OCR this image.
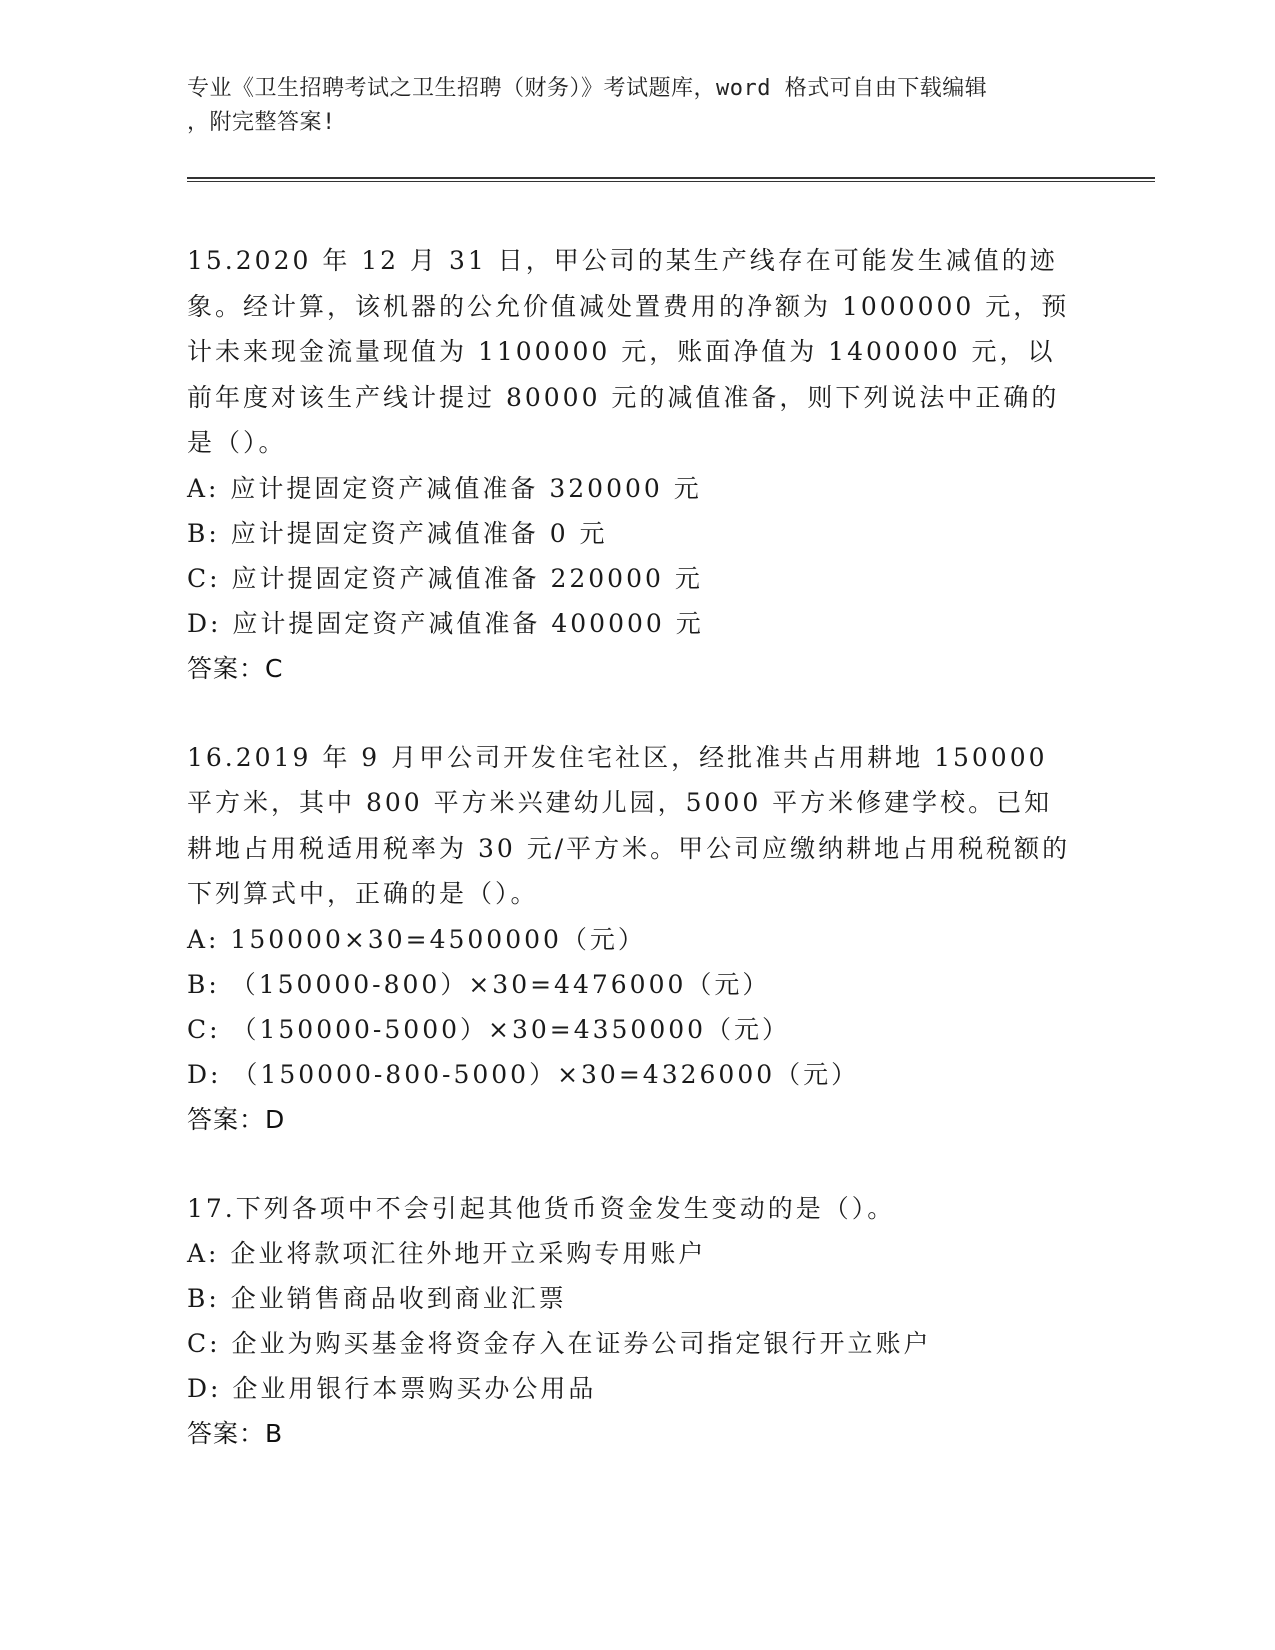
专业《卫生招聘考试之卫生招聘（财务）》考试题库，word 格式可自由下载编辑
，附完整答案!

15.2020 年 12 月 31 日，甲公司的某生产线存在可能发生减值的迹象。经计算，该机器的公允价值减处置费用的净额为 1000000 元，预计未来现金流量现值为 1100000 元，账面净值为 1400000 元，以前年度对该生产线计提过 80000 元的减值准备，则下列说法中正确的是（）。

A: 应计提固定资产减值准备 320000 元

B: 应计提固定资产减值准备 0 元

C: 应计提固定资产减值准备 220000 元

D: 应计提固定资产减值准备 400000 元

答案：C

16.2019 年 9 月甲公司开发住宅社区，经批准共占用耕地 150000 平方米，其中 800 平方米兴建幼儿园，5000 平方米修建学校。已知耕地占用税适用税率为 30 元/平方米。甲公司应缴纳耕地占用税税额的下列算式中，正确的是（）。

A: 150000×30=4500000（元）

B: （150000-800）×30=4476000（元）

C: （150000-5000）×30=4350000（元）

D: （150000-800-5000）×30=4326000（元）

答案：D

17.下列各项中不会引起其他货币资金发生变动的是（）。

A: 企业将款项汇往外地开立采购专用账户

B: 企业销售商品收到商业汇票

C: 企业为购买基金将资金存入在证券公司指定银行开立账户

D: 企业用银行本票购买办公用品

答案：B
